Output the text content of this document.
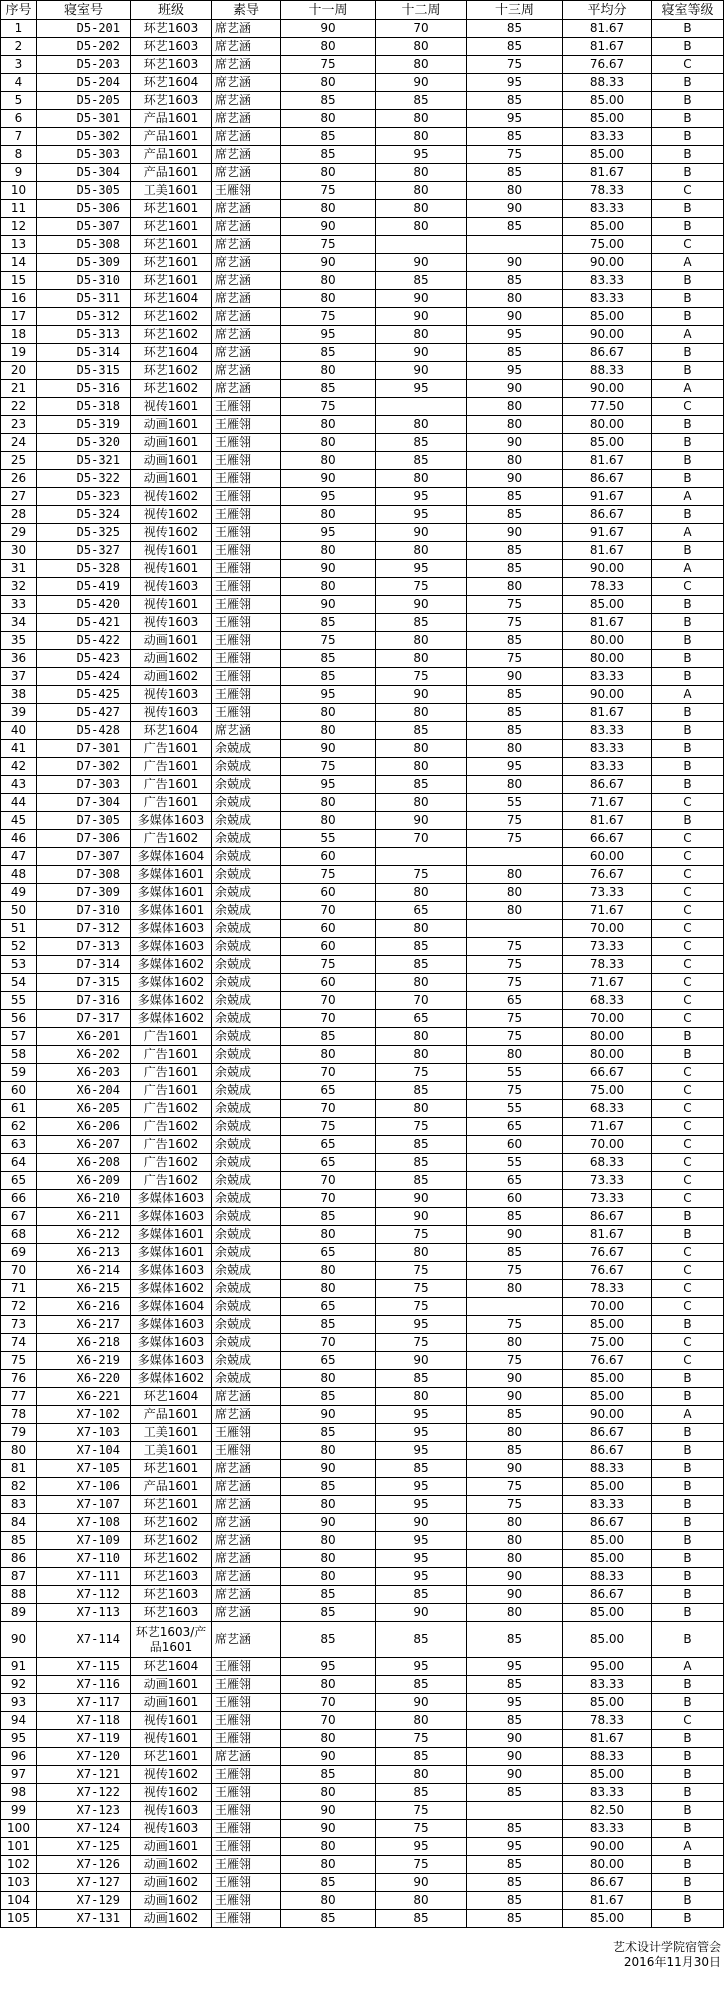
序号	寝室号	班级	素导	十一周	十二周	十三周	平均分	寝室等级
1	D5-201	环艺1603	席艺涵	90	70	85	81.67	B
2	D5-202	环艺1603	席艺涵	80	80	85	81.67	B
3	D5-203	环艺1603	席艺涵	75	80	75	76.67	C
4	D5-204	环艺1604	席艺涵	80	90	95	88.33	B
5	D5-205	环艺1603	席艺涵	85	85	85	85.00	B
6	D5-301	产品1601	席艺涵	80	80	95	85.00	B
7	D5-302	产品1601	席艺涵	85	80	85	83.33	B
8	D5-303	产品1601	席艺涵	85	95	75	85.00	B
9	D5-304	产品1601	席艺涵	80	80	85	81.67	B
10	D5-305	工美1601	王雁翎	75	80	80	78.33	C
11	D5-306	环艺1601	席艺涵	80	80	90	83.33	B
12	D5-307	环艺1601	席艺涵	90	80	85	85.00	B
13	D5-308	环艺1601	席艺涵	75			75.00	C
14	D5-309	环艺1601	席艺涵	90	90	90	90.00	A
15	D5-310	环艺1601	席艺涵	80	85	85	83.33	B
16	D5-311	环艺1604	席艺涵	80	90	80	83.33	B
17	D5-312	环艺1602	席艺涵	75	90	90	85.00	B
18	D5-313	环艺1602	席艺涵	95	80	95	90.00	A
19	D5-314	环艺1604	席艺涵	85	90	85	86.67	B
20	D5-315	环艺1602	席艺涵	80	90	95	88.33	B
21	D5-316	环艺1602	席艺涵	85	95	90	90.00	A
22	D5-318	视传1601	王雁翎	75		80	77.50	C
23	D5-319	动画1601	王雁翎	80	80	80	80.00	B
24	D5-320	动画1601	王雁翎	80	85	90	85.00	B
25	D5-321	动画1601	王雁翎	80	85	80	81.67	B
26	D5-322	动画1601	王雁翎	90	80	90	86.67	B
27	D5-323	视传1602	王雁翎	95	95	85	91.67	A
28	D5-324	视传1602	王雁翎	80	95	85	86.67	B
29	D5-325	视传1602	王雁翎	95	90	90	91.67	A
30	D5-327	视传1601	王雁翎	80	80	85	81.67	B
31	D5-328	视传1601	王雁翎	90	95	85	90.00	A
32	D5-419	视传1603	王雁翎	80	75	80	78.33	C
33	D5-420	视传1601	王雁翎	90	90	75	85.00	B
34	D5-421	视传1603	王雁翎	85	85	75	81.67	B
35	D5-422	动画1601	王雁翎	75	80	85	80.00	B
36	D5-423	动画1602	王雁翎	85	80	75	80.00	B
37	D5-424	动画1602	王雁翎	85	75	90	83.33	B
38	D5-425	视传1603	王雁翎	95	90	85	90.00	A
39	D5-427	视传1603	王雁翎	80	80	85	81.67	B
40	D5-428	环艺1604	席艺涵	80	85	85	83.33	B
41	D7-301	广告1601	余兢成	90	80	80	83.33	B
42	D7-302	广告1601	余兢成	75	80	95	83.33	B
43	D7-303	广告1601	余兢成	95	85	80	86.67	B
44	D7-304	广告1601	余兢成	80	80	55	71.67	C
45	D7-305	多媒体1603	余兢成	80	90	75	81.67	B
46	D7-306	广告1602	余兢成	55	70	75	66.67	C
47	D7-307	多媒体1604	余兢成	60			60.00	C
48	D7-308	多媒体1601	余兢成	75	75	80	76.67	C
49	D7-309	多媒体1601	余兢成	60	80	80	73.33	C
50	D7-310	多媒体1601	余兢成	70	65	80	71.67	C
51	D7-312	多媒体1603	余兢成	60	80		70.00	C
52	D7-313	多媒体1603	余兢成	60	85	75	73.33	C
53	D7-314	多媒体1602	余兢成	75	85	75	78.33	C
54	D7-315	多媒体1602	余兢成	60	80	75	71.67	C
55	D7-316	多媒体1602	余兢成	70	70	65	68.33	C
56	D7-317	多媒体1602	余兢成	70	65	75	70.00	C
57	X6-201	广告1601	余兢成	85	80	75	80.00	B
58	X6-202	广告1601	余兢成	80	80	80	80.00	B
59	X6-203	广告1601	余兢成	70	75	55	66.67	C
60	X6-204	广告1601	余兢成	65	85	75	75.00	C
61	X6-205	广告1602	余兢成	70	80	55	68.33	C
62	X6-206	广告1602	余兢成	75	75	65	71.67	C
63	X6-207	广告1602	余兢成	65	85	60	70.00	C
64	X6-208	广告1602	余兢成	65	85	55	68.33	C
65	X6-209	广告1602	余兢成	70	85	65	73.33	C
66	X6-210	多媒体1603	余兢成	70	90	60	73.33	C
67	X6-211	多媒体1603	余兢成	85	90	85	86.67	B
68	X6-212	多媒体1601	余兢成	80	75	90	81.67	B
69	X6-213	多媒体1601	余兢成	65	80	85	76.67	C
70	X6-214	多媒体1603	余兢成	80	75	75	76.67	C
71	X6-215	多媒体1602	余兢成	80	75	80	78.33	C
72	X6-216	多媒体1604	余兢成	65	75		70.00	C
73	X6-217	多媒体1603	余兢成	85	95	75	85.00	B
74	X6-218	多媒体1603	余兢成	70	75	80	75.00	C
75	X6-219	多媒体1603	余兢成	65	90	75	76.67	C
76	X6-220	多媒体1602	余兢成	80	85	90	85.00	B
77	X6-221	环艺1604	席艺涵	85	80	90	85.00	B
78	X7-102	产品1601	席艺涵	90	95	85	90.00	A
79	X7-103	工美1601	王雁翎	85	95	80	86.67	B
80	X7-104	工美1601	王雁翎	80	95	85	86.67	B
81	X7-105	环艺1601	席艺涵	90	85	90	88.33	B
82	X7-106	产品1601	席艺涵	85	95	75	85.00	B
83	X7-107	环艺1601	席艺涵	80	95	75	83.33	B
84	X7-108	环艺1602	席艺涵	90	90	80	86.67	B
85	X7-109	环艺1602	席艺涵	80	95	80	85.00	B
86	X7-110	环艺1602	席艺涵	80	95	80	85.00	B
87	X7-111	环艺1603	席艺涵	80	95	90	88.33	B
88	X7-112	环艺1603	席艺涵	85	85	90	86.67	B
89	X7-113	环艺1603	席艺涵	85	90	80	85.00	B
90	X7-114	环艺1603/产品1601	席艺涵	85	85	85	85.00	B
91	X7-115	环艺1604	王雁翎	95	95	95	95.00	A
92	X7-116	动画1601	王雁翎	80	85	85	83.33	B
93	X7-117	动画1601	王雁翎	70	90	95	85.00	B
94	X7-118	视传1601	王雁翎	70	80	85	78.33	C
95	X7-119	视传1601	王雁翎	80	75	90	81.67	B
96	X7-120	环艺1601	席艺涵	90	85	90	88.33	B
97	X7-121	视传1602	王雁翎	85	80	90	85.00	B
98	X7-122	视传1602	王雁翎	80	85	85	83.33	B
99	X7-123	视传1603	王雁翎	90	75		82.50	B
100	X7-124	视传1603	王雁翎	90	75	85	83.33	B
101	X7-125	动画1601	王雁翎	80	95	95	90.00	A
102	X7-126	动画1602	王雁翎	80	75	85	80.00	B
103	X7-127	动画1602	王雁翎	85	90	85	86.67	B
104	X7-129	动画1602	王雁翎	80	80	85	81.67	B
105	X7-131	动画1602	王雁翎	85	85	85	85.00	B
艺术设计学院宿管会
2016年11月30日
